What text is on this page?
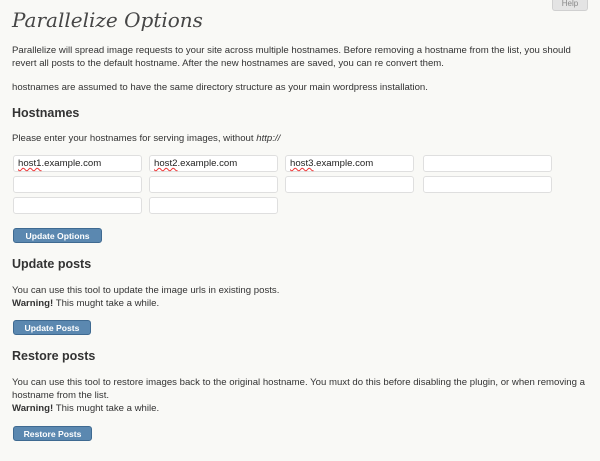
Help
Parallelize Options

Parallelize will spread image requests to your site across multiple hostnames. Before removing a hostname from the list, you should revert all posts to the default hostname. After the new hostnames are saved, you can re convert them.

hostnames are assumed to have the same directory structure as your main wordpress installation.

Hostnames

Please enter your hostnames for serving images, without http://

host1.example.com	host2.example.com	host3.example.com
Update Options
Update posts

You can use this tool to update the image urls in existing posts.

Warning! This mught take a while.

Update Posts
Restore posts

You can use this tool to restore images back to the original hostname. You muxt do this before disabling the plugin, or when removing a hostname from the list.

Warning! This mught take a while.

Restore Posts
